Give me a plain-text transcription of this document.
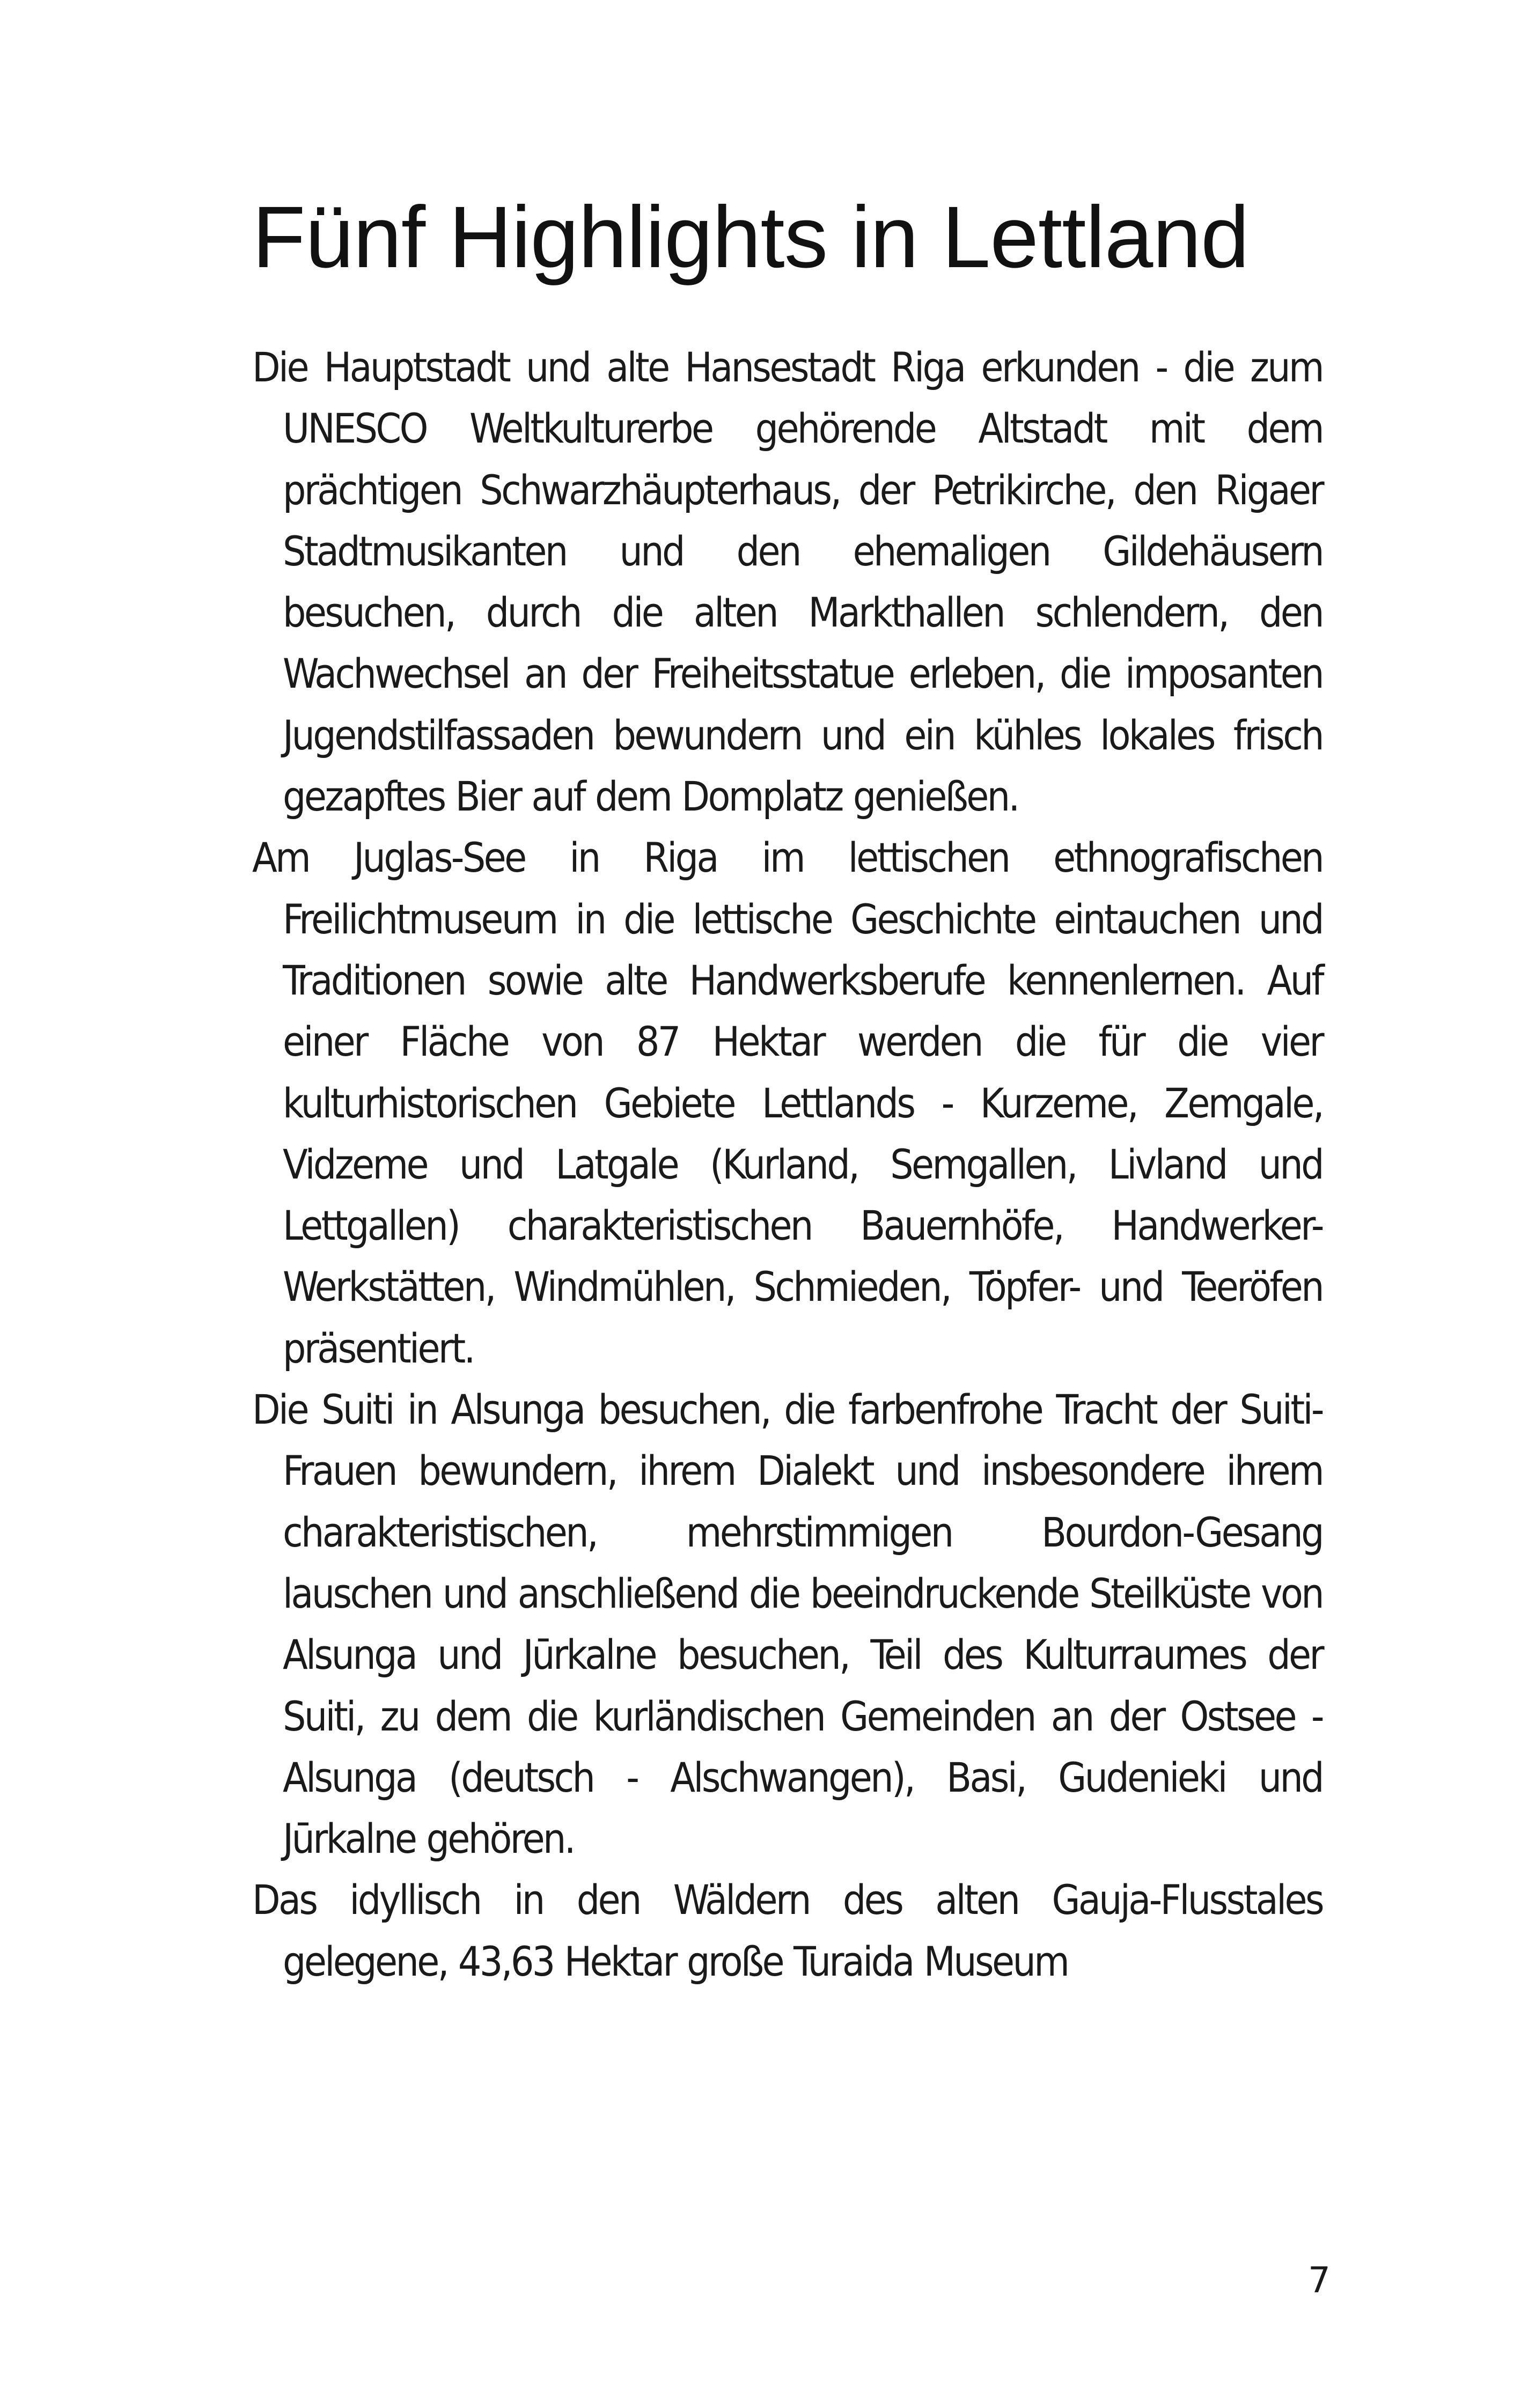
Fünf Highlights in Lettland

Die Hauptstadt und alte Hansestadt Riga erkunden - die zum UNESCO Weltkulturerbe gehörende Altstadt mit dem prächtigen Schwarzhäupterhaus, der Petrikirche, den Rigaer Stadtmusikanten und den ehemaligen Gildehäusern besuchen, durch die alten Markthallen schlendern, den Wachwechsel an der Freiheitsstatue erleben, die imposanten Jugendstilfassaden bewundern und ein kühles lokales frisch gezapftes Bier auf dem Domplatz genießen.

Am Juglas-See in Riga im lettischen ethnografischen Freilichtmuseum in die lettische Geschichte eintauchen und Traditionen sowie alte Handwerksberufe kennenlernen. Auf einer Fläche von 87 Hektar werden die für die vier kulturhistorischen Gebiete Lettlands - Kurzeme, Zemgale, Vidzeme und Latgale (Kurland, Semgallen, Livland und Lettgallen) charakteristischen Bauernhöfe, Handwerker-Werkstätten, Windmühlen, Schmieden, Töpfer- und Teeröfen präsentiert.

Die Suiti in Alsunga besuchen, die farbenfrohe Tracht der Suiti-Frauen bewundern, ihrem Dialekt und insbesondere ihrem charakteristischen, mehrstimmigen Bourdon-Gesang lauschen und anschließend die beeindruckende Steilküste von Alsunga und Jūrkalne besuchen, Teil des Kulturraumes der Suiti, zu dem die kurländischen Gemeinden an der Ostsee - Alsunga (deutsch - Alschwangen), Basi, Gudenieki und Jūrkalne gehören.

Das idyllisch in den Wäldern des alten Gauja-Flusstales gelegene, 43,63 Hektar große Turaida Museum

7
